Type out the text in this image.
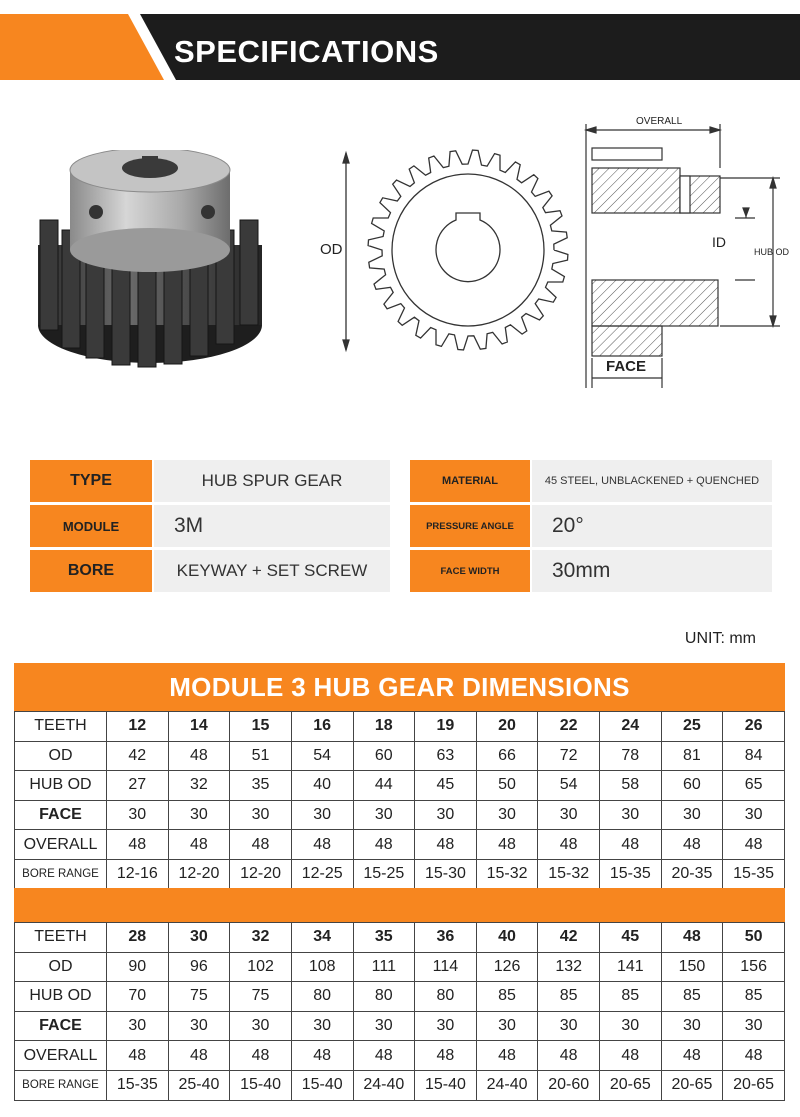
SPECIFICATIONS
OD
OVERALL
ID
HUB OD
FACE
TYPE	HUB SPUR GEAR
MODULE	3M
BORE	KEYWAY + SET SCREW
MATERIAL	45 STEEL, UNBLACKENED + QUENCHED
PRESSURE ANGLE	20°
FACE WIDTH	30mm
UNIT: mm
MODULE 3 HUB GEAR DIMENSIONS
TEETH	12	14	15	16	18	19	20	22	24	25	26
OD	42	48	51	54	60	63	66	72	78	81	84
HUB OD	27	32	35	40	44	45	50	54	58	60	65
FACE	30	30	30	30	30	30	30	30	30	30	30
OVERALL	48	48	48	48	48	48	48	48	48	48	48
BORE RANGE	12-16	12-20	12-20	12-25	15-25	15-30	15-32	15-32	15-35	20-35	15-35
TEETH	28	30	32	34	35	36	40	42	45	48	50
OD	90	96	102	108	111	114	126	132	141	150	156
HUB OD	70	75	75	80	80	80	85	85	85	85	85
FACE	30	30	30	30	30	30	30	30	30	30	30
OVERALL	48	48	48	48	48	48	48	48	48	48	48
BORE RANGE	15-35	25-40	15-40	15-40	24-40	15-40	24-40	20-60	20-65	20-65	20-65
